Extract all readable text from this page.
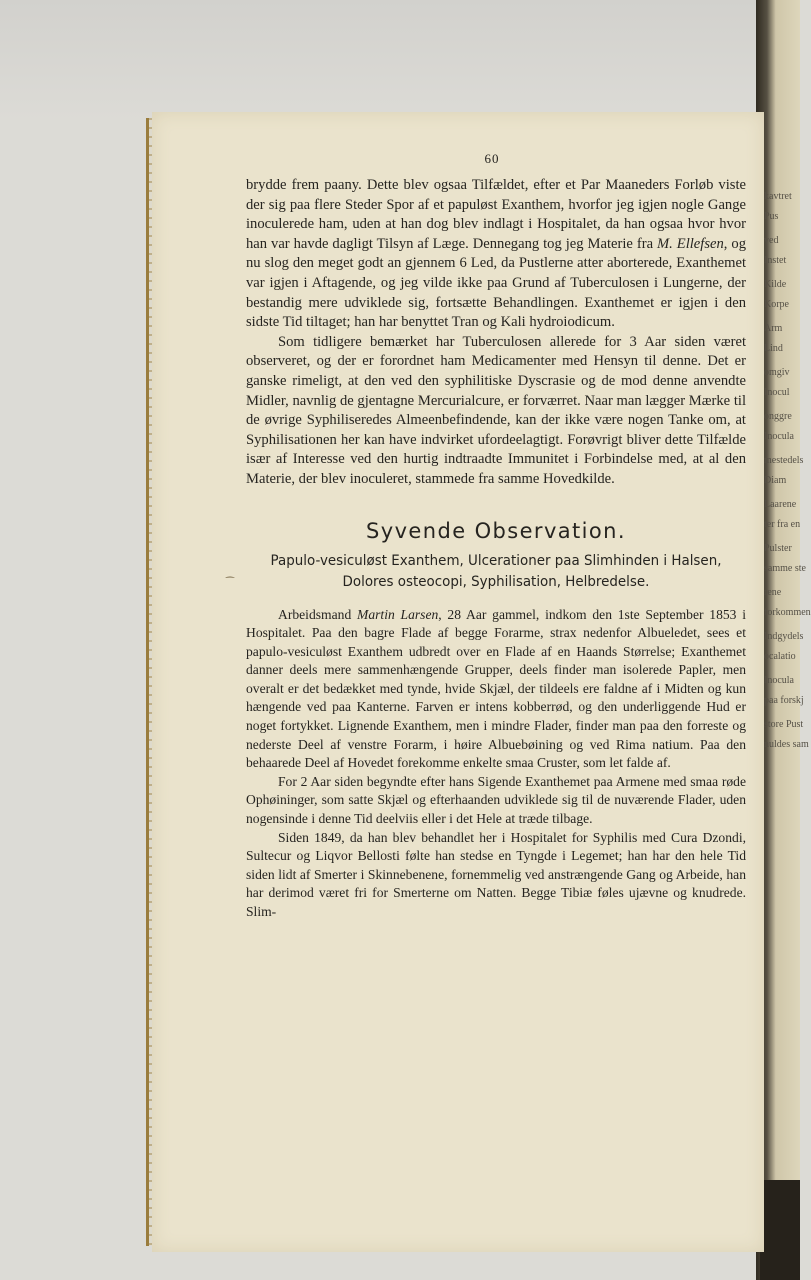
kavtret
Pus
ved
Instet
Kilde
Korpe
Arm
Lind
omgiv
Inocul
onggre
Inocula
mestedels
Diam
Laarene
ter fra en
Pulster
samme ste
rene
forkommen
Indgydels
ocalatio
Inocula
paa forskj
store Pust
nuldes sam
⁀
60

brydde frem paany. Dette blev ogsaa Tilfældet, efter et Par Maaneders Forløb viste der sig paa flere Steder Spor af et papuløst Exanthem, hvorfor jeg igjen nogle Gange inoculerede ham, uden at han dog blev indlagt i Hospitalet, da han ogsaa hvor hvor han var havde dagligt Tilsyn af Læge. Dennegang tog jeg Materie fra M. Ellefsen, og nu slog den meget godt an gjennem 6 Led, da Pustlerne atter aborterede, Exanthemet var igjen i Aftagende, og jeg vilde ikke paa Grund af Tuberculosen i Lungerne, der bestandig mere udviklede sig, fortsætte Behandlingen. Exanthemet er igjen i den sidste Tid tiltaget; han har benyttet Tran og Kali hydroiodicum.

Som tidligere bemærket har Tuberculosen allerede for 3 Aar siden været observeret, og der er forordnet ham Medicamenter med Hensyn til denne. Det er ganske rimeligt, at den ved den syphilitiske Dyscrasie og de mod denne anvendte Midler, navnlig de gjentagne Mercurialcure, er forværret. Naar man lægger Mærke til de øvrige Syphiliseredes Almeenbefindende, kan der ikke være nogen Tanke om, at Syphilisationen her kan have indvirket ufordeelagtigt. Forøvrigt bliver dette Tilfælde især af Interesse ved den hurtig indtraadte Immunitet i Forbindelse med, at al den Materie, der blev inoculeret, stammede fra samme Hovedkilde.

Syvende Observation.
Papulo-vesiculøst Exanthem, Ulcerationer paa Slimhinden i Halsen,
Dolores osteocopi, Syphilisation, Helbredelse.

Arbeidsmand Martin Larsen, 28 Aar gammel, indkom den 1ste September 1853 i Hospitalet. Paa den bagre Flade af begge Forarme, strax nedenfor Albueledet, sees et papulo-vesiculøst Exanthem udbredt over en Flade af en Haands Størrelse; Exanthemet danner deels mere sammenhængende Grupper, deels finder man isolerede Papler, men overalt er det bedækket med tynde, hvide Skjæl, der tildeels ere faldne af i Midten og kun hængende ved paa Kanterne. Farven er intens kobberrød, og den underliggende Hud er noget fortykket. Lignende Exanthem, men i mindre Flader, finder man paa den forreste og nederste Deel af venstre Forarm, i høire Albuebøining og ved Rima natium. Paa den behaarede Deel af Hovedet forekomme enkelte smaa Cruster, som let falde af.

For 2 Aar siden begyndte efter hans Sigende Exanthemet paa Armene med smaa røde Ophøininger, som satte Skjæl og efterhaanden udviklede sig til de nuværende Flader, uden nogensinde i denne Tid deelviis eller i det Hele at træde tilbage.

Siden 1849, da han blev behandlet her i Hospitalet for Syphilis med Cura Dzondi, Sultecur og Liqvor Bellosti følte han stedse en Tyngde i Legemet; han har den hele Tid siden lidt af Smerter i Skinnebenene, fornemmelig ved anstrængende Gang og Arbeide, han har derimod været fri for Smerterne om Natten. Begge Tibiæ føles ujævne og knudrede. Slim-
